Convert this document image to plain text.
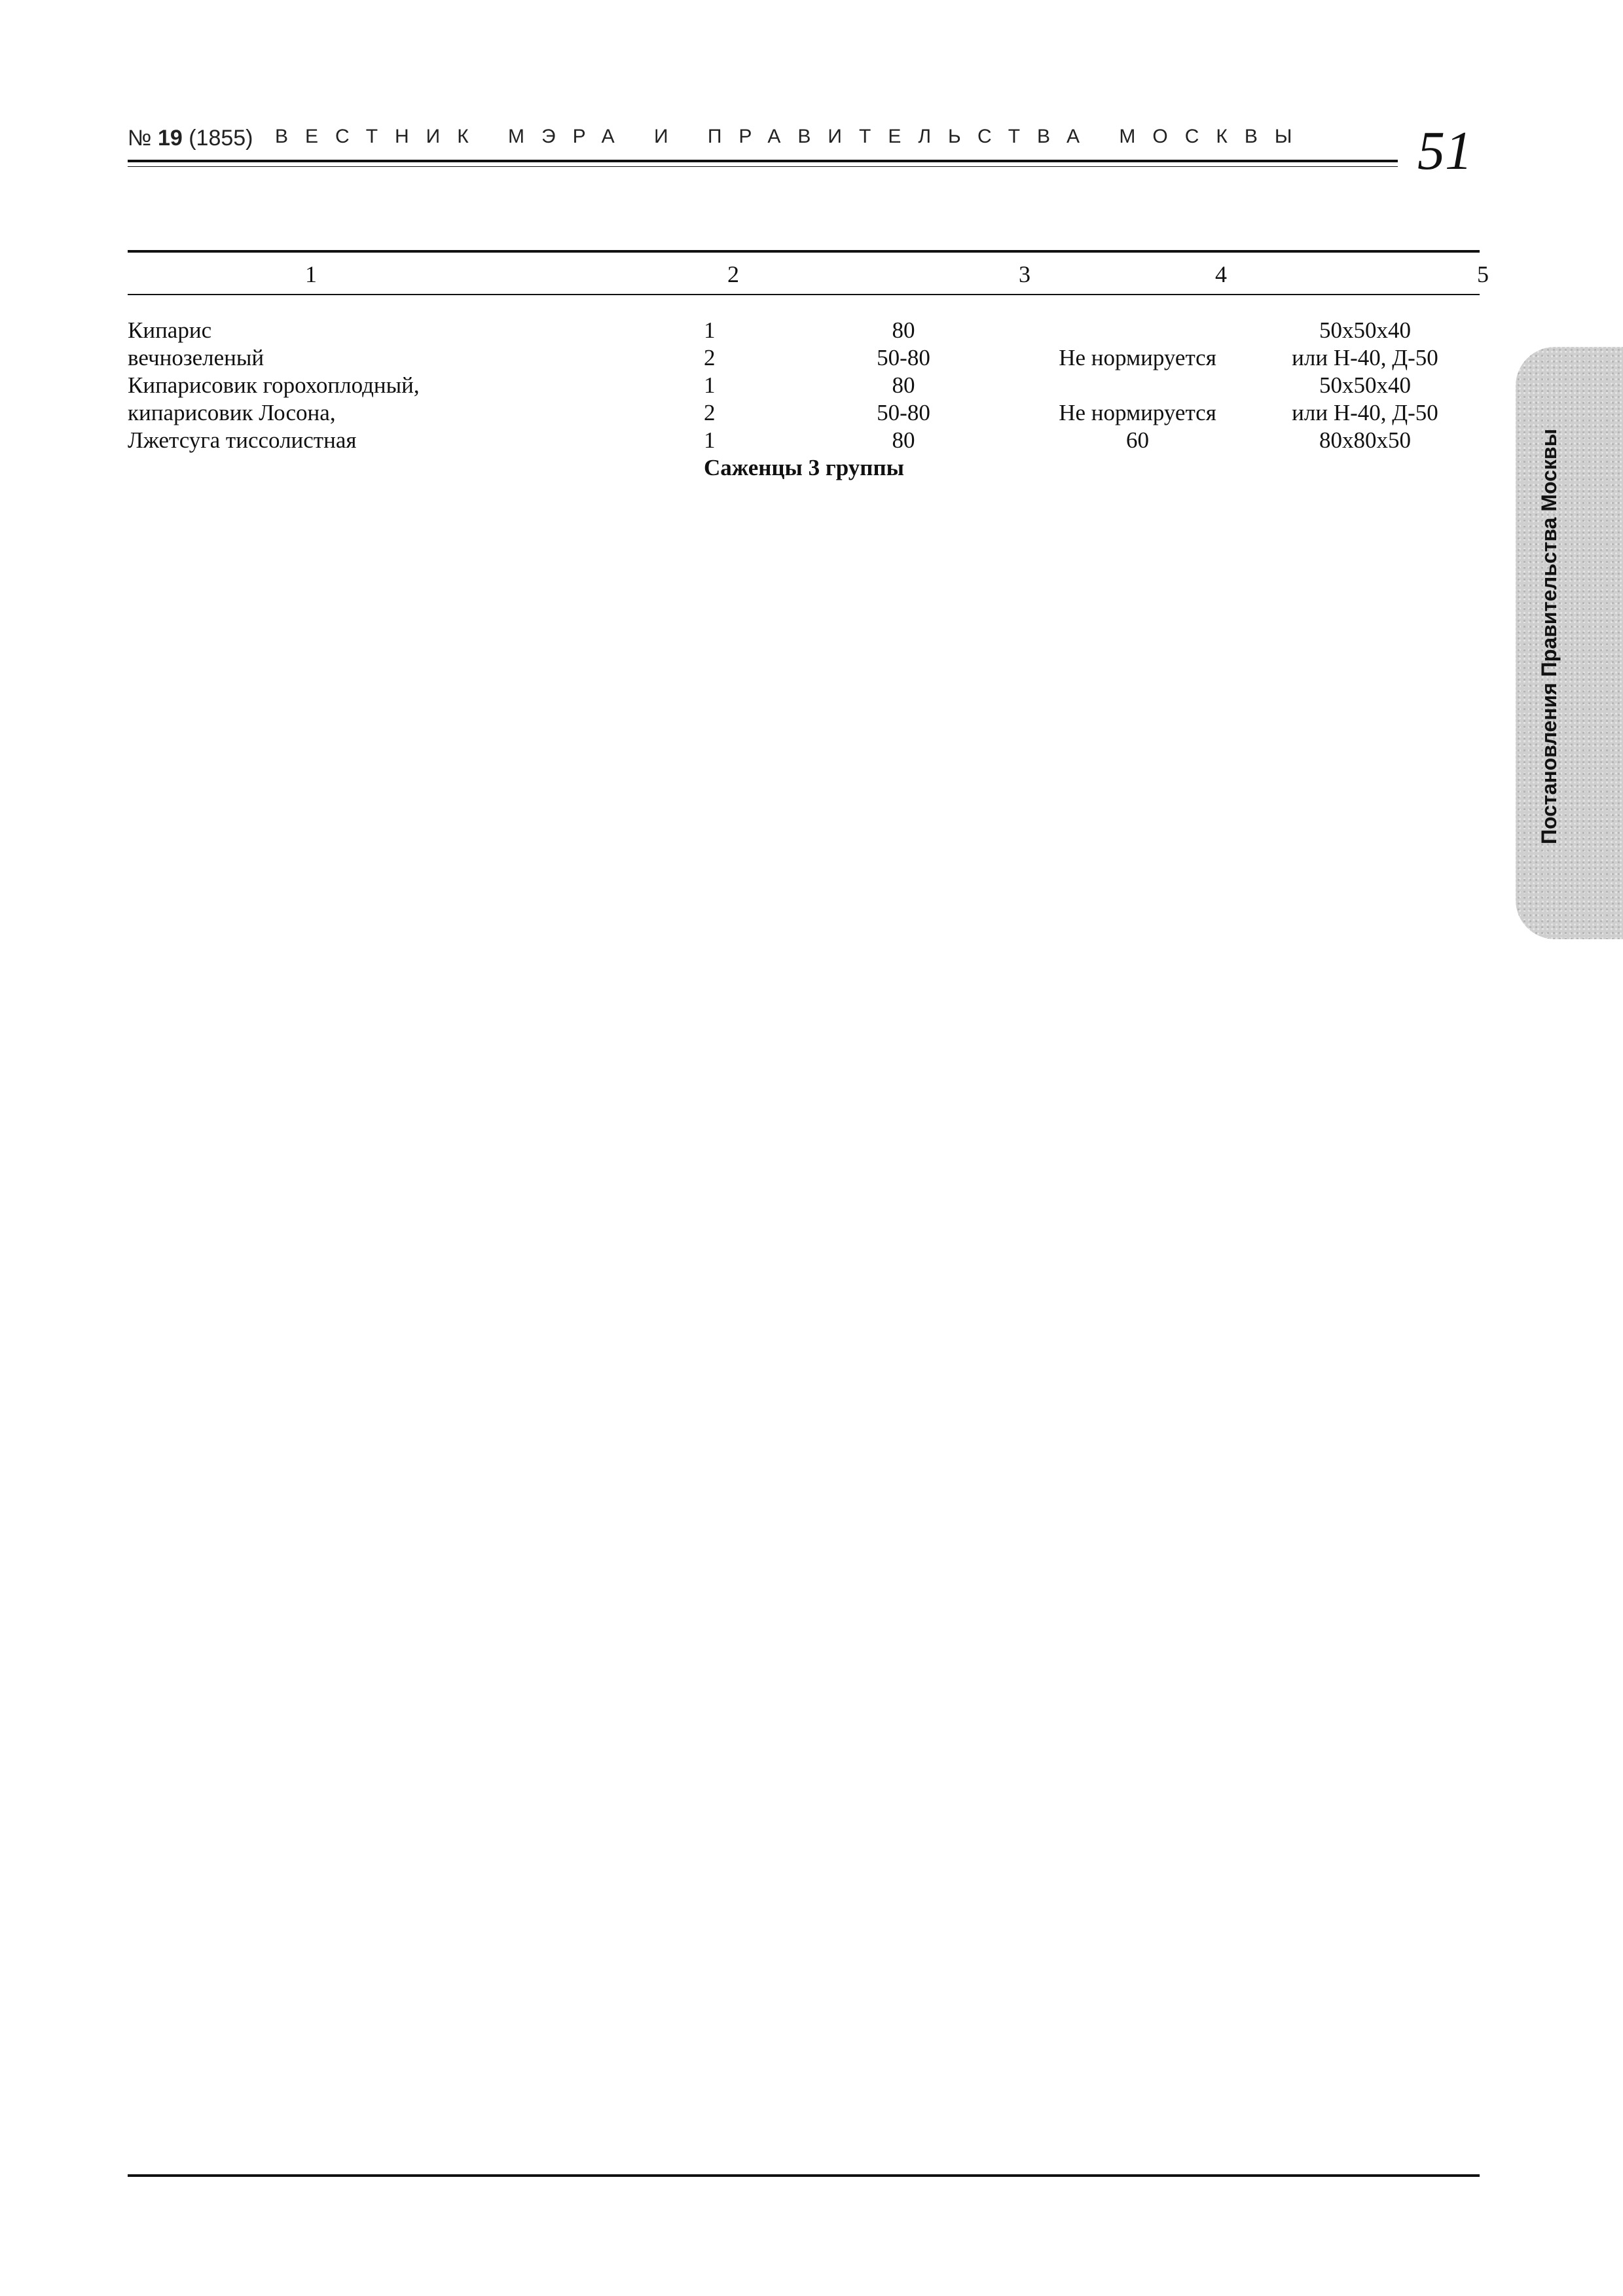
№ 19 (1855) ВЕСТНИК МЭРА И ПРАВИТЕЛЬСТВА МОСКВЫ 51
Постановления Правительства Москвы
1	2	3	4	5
Кипарис	1	80		50х50х40
вечнозеленый	2	50-80	Не нормируется	или Н-40, Д-50
Кипарисовик горохоплодный,	1	80		50х50х40
кипарисовик Лосона,	2	50-80	Не нормируется	или Н-40, Д-50
Лжетсуга тиссолистная	1	80	60	80х80х50
	Саженцы 3 группы			
